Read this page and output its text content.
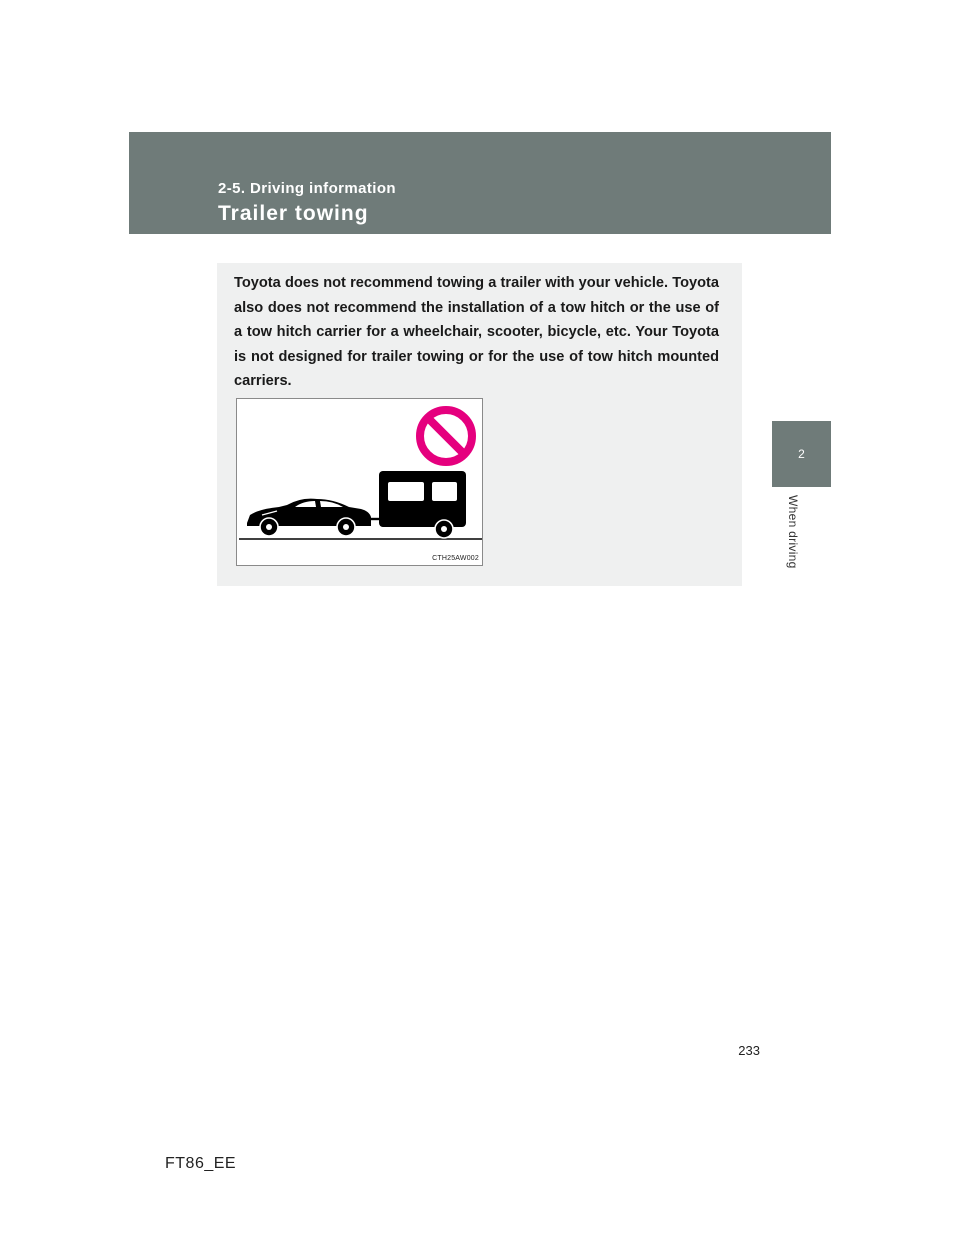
2-5. Driving information
Trailer towing
2
When driving

Toyota does not recommend towing a trailer with your vehicle. Toyota also does not recommend the installation of a tow hitch or the use of a tow hitch carrier for a wheelchair, scooter, bicycle, etc. Your Toyota is not designed for trailer towing or for the use of tow hitch mounted carriers.

CTH25AW002
233
FT86_EE
